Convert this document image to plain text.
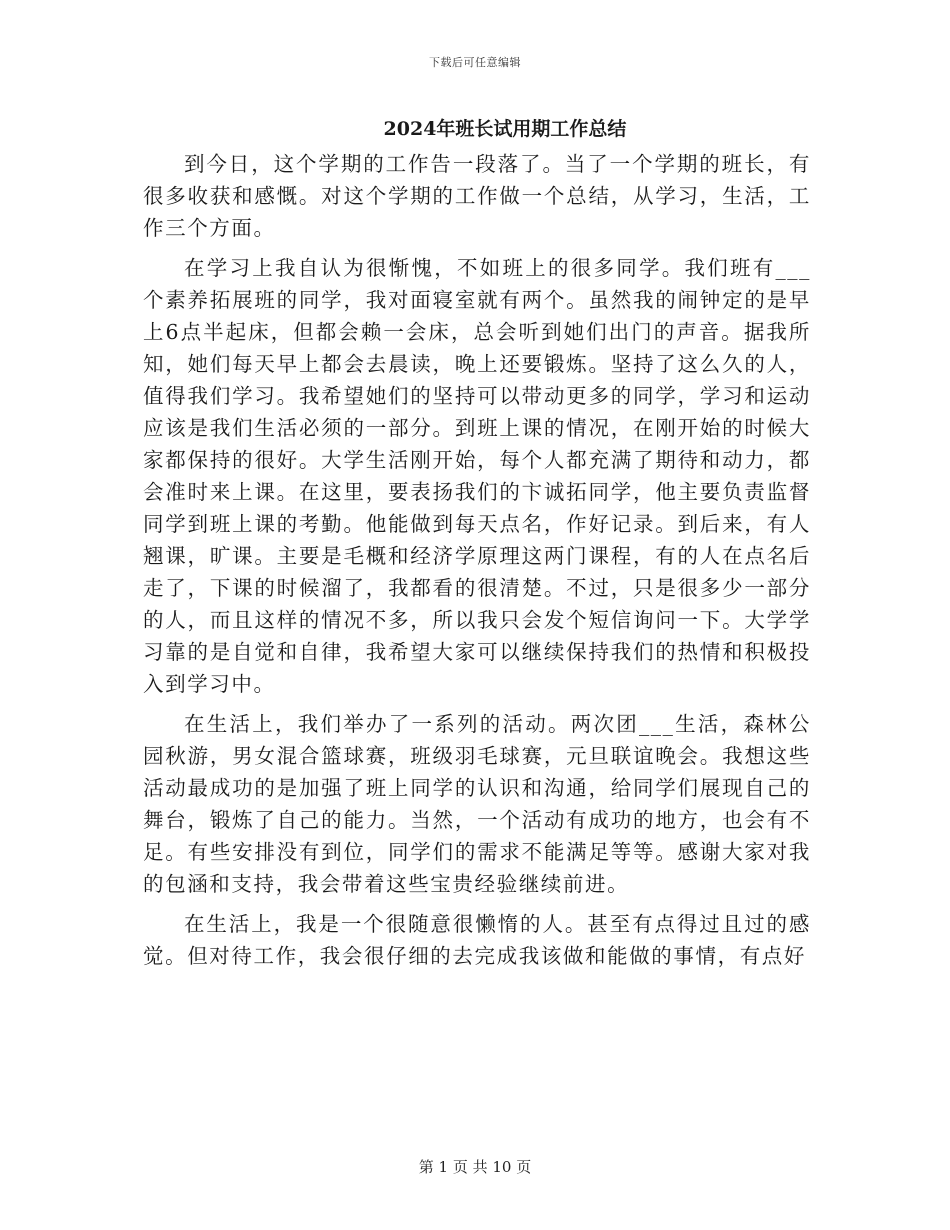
下载后可任意编辑
2024年班长试用期工作总结

到今日，这个学期的工作告一段落了。当了一个学期的班长，有很多收获和感慨。对这个学期的工作做一个总结，从学习，生活，工作三个方面。

在学习上我自认为很惭愧，不如班上的很多同学。我们班有___个素养拓展班的同学，我对面寝室就有两个。虽然我的闹钟定的是早上6点半起床，但都会赖一会床，总会听到她们出门的声音。据我所知，她们每天早上都会去晨读，晚上还要锻炼。坚持了这么久的人，值得我们学习。我希望她们的坚持可以带动更多的同学，学习和运动应该是我们生活必须的一部分。到班上课的情况，在刚开始的时候大家都保持的很好。大学生活刚开始，每个人都充满了期待和动力，都会准时来上课。在这里，要表扬我们的卞诚拓同学，他主要负责监督同学到班上课的考勤。他能做到每天点名，作好记录。到后来，有人翘课，旷课。主要是毛概和经济学原理这两门课程，有的人在点名后走了，下课的时候溜了，我都看的很清楚。不过，只是很多少一部分的人，而且这样的情况不多，所以我只会发个短信询问一下。大学学习靠的是自觉和自律，我希望大家可以继续保持我们的热情和积极投入到学习中。

在生活上，我们举办了一系列的活动。两次团___生活，森林公园秋游，男女混合篮球赛，班级羽毛球赛，元旦联谊晚会。我想这些活动最成功的是加强了班上同学的认识和沟通，给同学们展现自己的舞台，锻炼了自己的能力。当然，一个活动有成功的地方，也会有不足。有些安排没有到位，同学们的需求不能满足等等。感谢大家对我的包涵和支持，我会带着这些宝贵经验继续前进。

在生活上，我是一个很随意很懒惰的人。甚至有点得过且过的感觉。但对待工作，我会很仔细的去完成我该做和能做的事情，有点好

第 1 页 共 10 页
